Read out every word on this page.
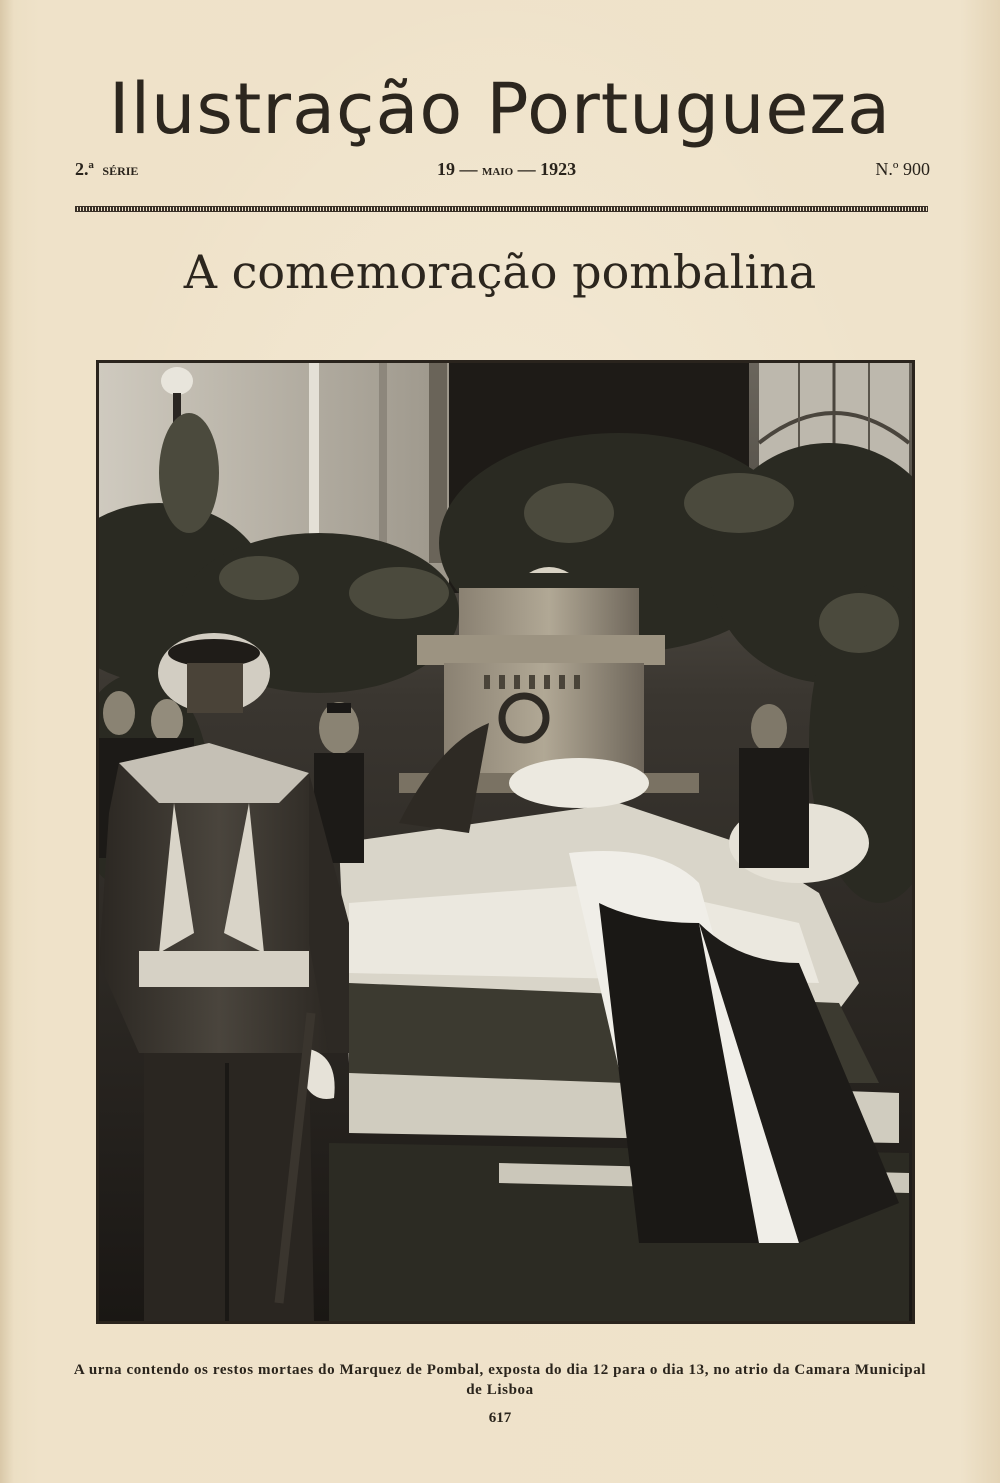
Ilustração Portugueza
2.ª SÉRIE	19 — MAIO — 1923	N.º 900
A comemoração pombalina
A urna contendo os restos mortaes do Marquez de Pombal, exposta do dia 12 para o dia 13, no atrio da Camara Municipal de Lisboa
617
